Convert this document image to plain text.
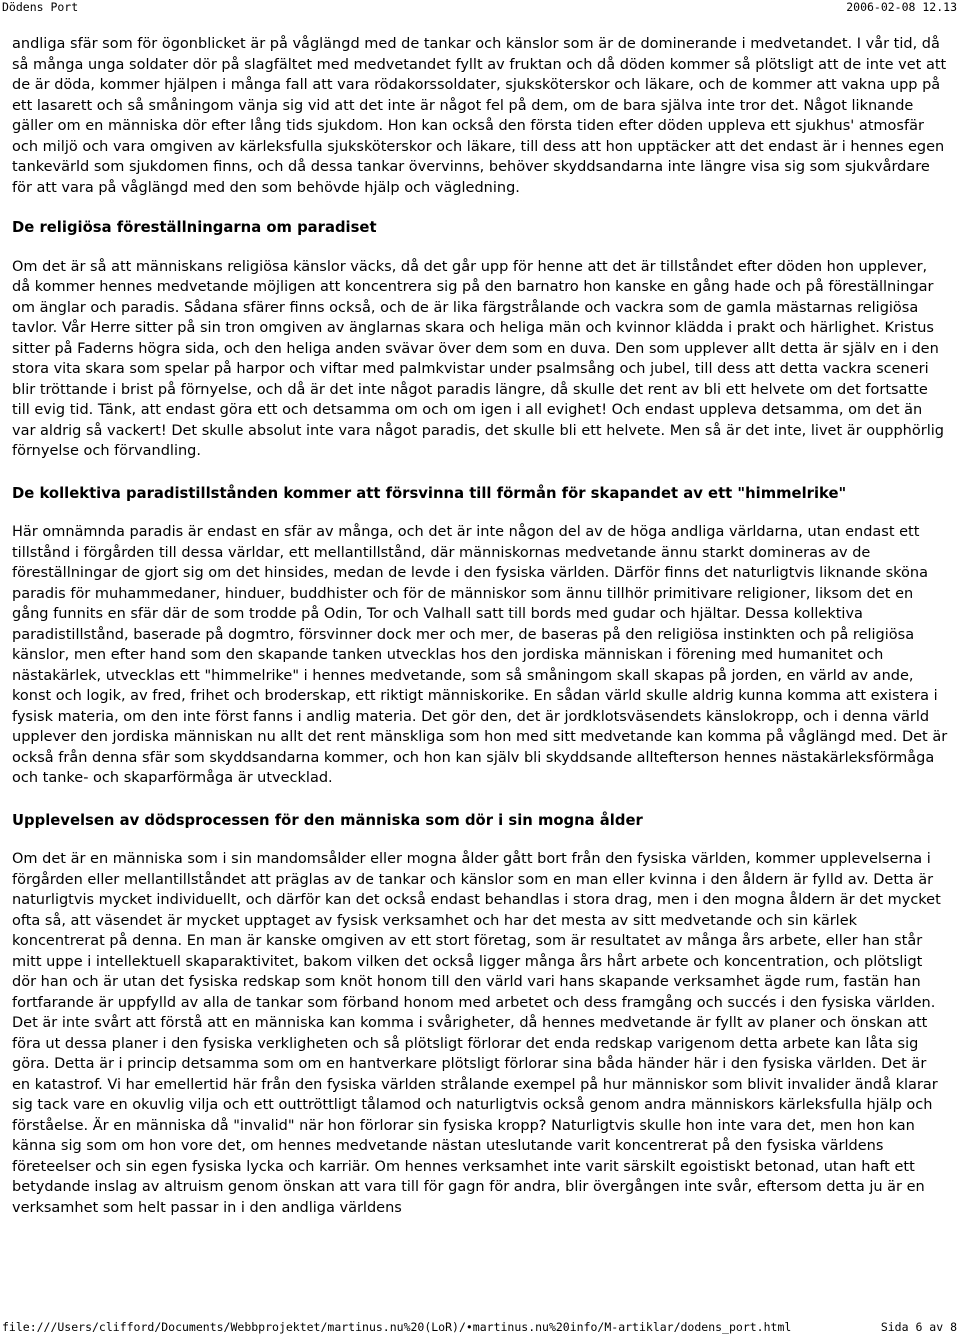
Dödens Port	2006-02-08 12.13

andliga sfär som för ögonblicket är på våglängd med de tankar och känslor som är de dominerande i medvetandet. I vår tid, då så många unga soldater dör på slagfältet med medvetandet fyllt av fruktan och då döden kommer så plötsligt att de inte vet att de är döda, kommer hjälpen i många fall att vara rödakorssoldater, sjuksköterskor och läkare, och de kommer att vakna upp på ett lasarett och så småningom vänja sig vid att det inte är något fel på dem, om de bara själva inte tror det. Något liknande gäller om en människa dör efter lång tids sjukdom. Hon kan också den första tiden efter döden uppleva ett sjukhus' atmosfär och miljö och vara omgiven av kärleksfulla sjuksköterskor och läkare, till dess att hon upptäcker att det endast är i hennes egen tankevärld som sjukdomen finns, och då dessa tankar övervinns, behöver skyddsandarna inte längre visa sig som sjukvårdare för att vara på våglängd med den som behövde hjälp och vägledning.

De religiösa föreställningarna om paradiset

Om det är så att människans religiösa känslor väcks, då det går upp för henne att det är tillståndet efter döden hon upplever, då kommer hennes medvetande möjligen att koncentrera sig på den barnatro hon kanske en gång hade och på föreställningar om änglar och paradis. Sådana sfärer finns också, och de är lika färgstrålande och vackra som de gamla mästarnas religiösa tavlor. Vår Herre sitter på sin tron omgiven av änglarnas skara och heliga män och kvinnor klädda i prakt och härlighet. Kristus sitter på Faderns högra sida, och den heliga anden svävar över dem som en duva. Den som upplever allt detta är själv en i den stora vita skara som spelar på harpor och viftar med palmkvistar under psalmsång och jubel, till dess att detta vackra sceneri blir tröttande i brist på förnyelse, och då är det inte något paradis längre, då skulle det rent av bli ett helvete om det fortsatte till evig tid. Tänk, att endast göra ett och detsamma om och om igen i all evighet! Och endast uppleva detsamma, om det än var aldrig så vackert! Det skulle absolut inte vara något paradis, det skulle bli ett helvete. Men så är det inte, livet är oupphörlig förnyelse och förvandling.

De kollektiva paradistillstånden kommer att försvinna till förmån för skapandet av ett "himmelrike"

Här omnämnda paradis är endast en sfär av många, och det är inte någon del av de höga andliga världarna, utan endast ett tillstånd i förgården till dessa världar, ett mellantillstånd, där människornas medvetande ännu starkt domineras av de föreställningar de gjort sig om det hinsides, medan de levde i den fysiska världen. Därför finns det naturligtvis liknande sköna paradis för muhammedaner, hinduer, buddhister och för de människor som ännu tillhör primitivare religioner, liksom det en gång funnits en sfär där de som trodde på Odin, Tor och Valhall satt till bords med gudar och hjältar. Dessa kollektiva paradistillstånd, baserade på dogmtro, försvinner dock mer och mer, de baseras på den religiösa instinkten och på religiösa känslor, men efter hand som den skapande tanken utvecklas hos den jordiska människan i förening med humanitet och nästakärlek, utvecklas ett "himmelrike" i hennes medvetande, som så småningom skall skapas på jorden, en värld av ande, konst och logik, av fred, frihet och broderskap, ett riktigt människorike. En sådan värld skulle aldrig kunna komma att existera i fysisk materia, om den inte först fanns i andlig materia. Det gör den, det är jordklotsväsendets känslokropp, och i denna värld upplever den jordiska människan nu allt det rent mänskliga som hon med sitt medvetande kan komma på våglängd med. Det är också från denna sfär som skyddsandarna kommer, och hon kan själv bli skyddsande alltefterson hennes nästakärleksförmåga och tanke- och skaparförmåga är utvecklad.

Upplevelsen av dödsprocessen för den människa som dör i sin mogna ålder

Om det är en människa som i sin mandomsålder eller mogna ålder gått bort från den fysiska världen, kommer upplevelserna i förgården eller mellantillståndet att präglas av de tankar och känslor som en man eller kvinna i den åldern är fylld av. Detta är naturligtvis mycket individuellt, och därför kan det också endast behandlas i stora drag, men i den mogna åldern är det mycket ofta så, att väsendet är mycket upptaget av fysisk verksamhet och har det mesta av sitt medvetande och sin kärlek koncentrerat på denna. En man är kanske omgiven av ett stort företag, som är resultatet av många års arbete, eller han står mitt uppe i intellektuell skaparaktivitet, bakom vilken det också ligger många års hårt arbete och koncentration, och plötsligt dör han och är utan det fysiska redskap som knöt honom till den värld vari hans skapande verksamhet ägde rum, fastän han fortfarande är uppfylld av alla de tankar som förband honom med arbetet och dess framgång och succés i den fysiska världen. Det är inte svårt att förstå att en människa kan komma i svårigheter, då hennes medvetande är fyllt av planer och önskan att föra ut dessa planer i den fysiska verkligheten och så plötsligt förlorar det enda redskap varigenom detta arbete kan låta sig göra. Detta är i princip detsamma som om en hantverkare plötsligt förlorar sina båda händer här i den fysiska världen. Det är en katastrof. Vi har emellertid här från den fysiska världen strålande exempel på hur människor som blivit invalider ändå klarar sig tack vare en okuvlig vilja och ett outtröttligt tålamod och naturligtvis också genom andra människors kärleksfulla hjälp och förståelse. Är en människa då "invalid" när hon förlorar sin fysiska kropp? Naturligtvis skulle hon inte vara det, men hon kan känna sig som om hon vore det, om hennes medvetande nästan uteslutande varit koncentrerat på den fysiska världens företeelser och sin egen fysiska lycka och karriär. Om hennes verksamhet inte varit särskilt egoistiskt betonad, utan haft ett betydande inslag av altruism genom önskan att vara till för gagn för andra, blir övergången inte svår, eftersom detta ju är en verksamhet som helt passar in i den andliga världens

file:///Users/clifford/Documents/Webbprojektet/martinus.nu%20(LoR)/•martinus.nu%20info/M-artiklar/dodens_port.html	Sida 6 av 8
